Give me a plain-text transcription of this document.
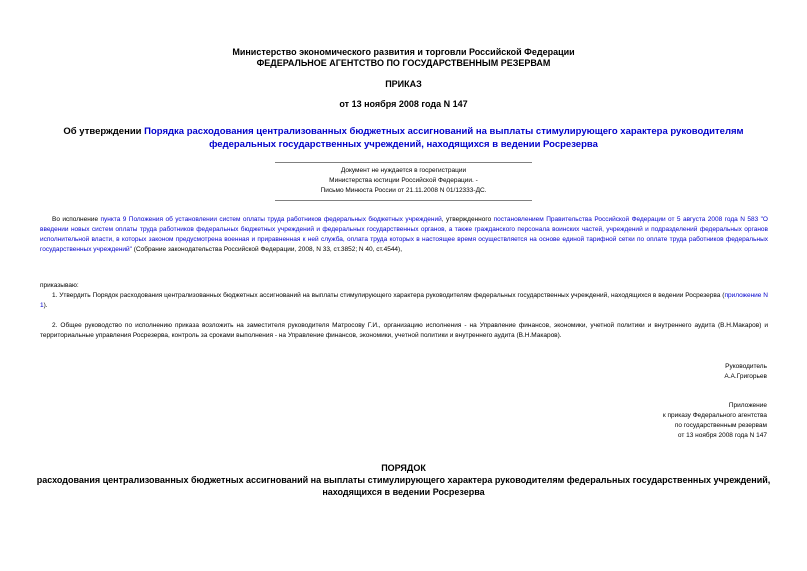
Министерство экономического развития и торговли Российской Федерации
ФЕДЕРАЛЬНОЕ АГЕНТСТВО ПО ГОСУДАРСТВЕННЫМ РЕЗЕРВАМ
ПРИКАЗ
от 13 ноября 2008 года N 147
Об утверждении Порядка расходования централизованных бюджетных ассигнований на выплаты стимулирующего характера руководителям федеральных государственных учреждений, находящихся в ведении Росрезерва
Документ не нуждается в госрегистрации
Министерства юстиции Российской Федерации. -
Письмо Минюста России от 21.11.2008 N 01/12333-ДС.
Во исполнение пункта 9 Положения об установлении систем оплаты труда работников федеральных бюджетных учреждений, утвержденного постановлением Правительства Российской Федерации от 5 августа 2008 года N 583 "О введении новых систем оплаты труда работников федеральных бюджетных учреждений и федеральных государственных органов, а также гражданского персонала воинских частей, учреждений и подразделений федеральных органов исполнительной власти, в которых законом предусмотрена военная и приравненная к ней служба, оплата труда которых в настоящее время осуществляется на основе единой тарифной сетки по оплате труда работников федеральных государственных учреждений" (Собрание законодательства Российской Федерации, 2008, N 33, ст.3852; N 40, ст.4544),
приказываю:
1. Утвердить Порядок расходования централизованных бюджетных ассигнований на выплаты стимулирующего характера руководителям федеральных государственных учреждений, находящихся в ведении Росрезерва (приложение N 1).
2. Общее руководство по исполнению приказа возложить на заместителя руководителя Матросову Г.И., организацию исполнения - на Управление финансов, экономики, учетной политики и внутреннего аудита (В.Н.Макаров) и территориальные управления Росрезерва, контроль за сроками выполнения - на Управление финансов, экономики, учетной политики и внутреннего аудита (В.Н.Макаров).
Руководитель
А.А.Григорьев
Приложение
к приказу Федерального агентства
по государственным резервам
от 13 ноября 2008 года N 147
ПОРЯДОК
расходования централизованных бюджетных ассигнований на выплаты стимулирующего характера руководителям федеральных государственных учреждений, находящихся в ведении Росрезерва
